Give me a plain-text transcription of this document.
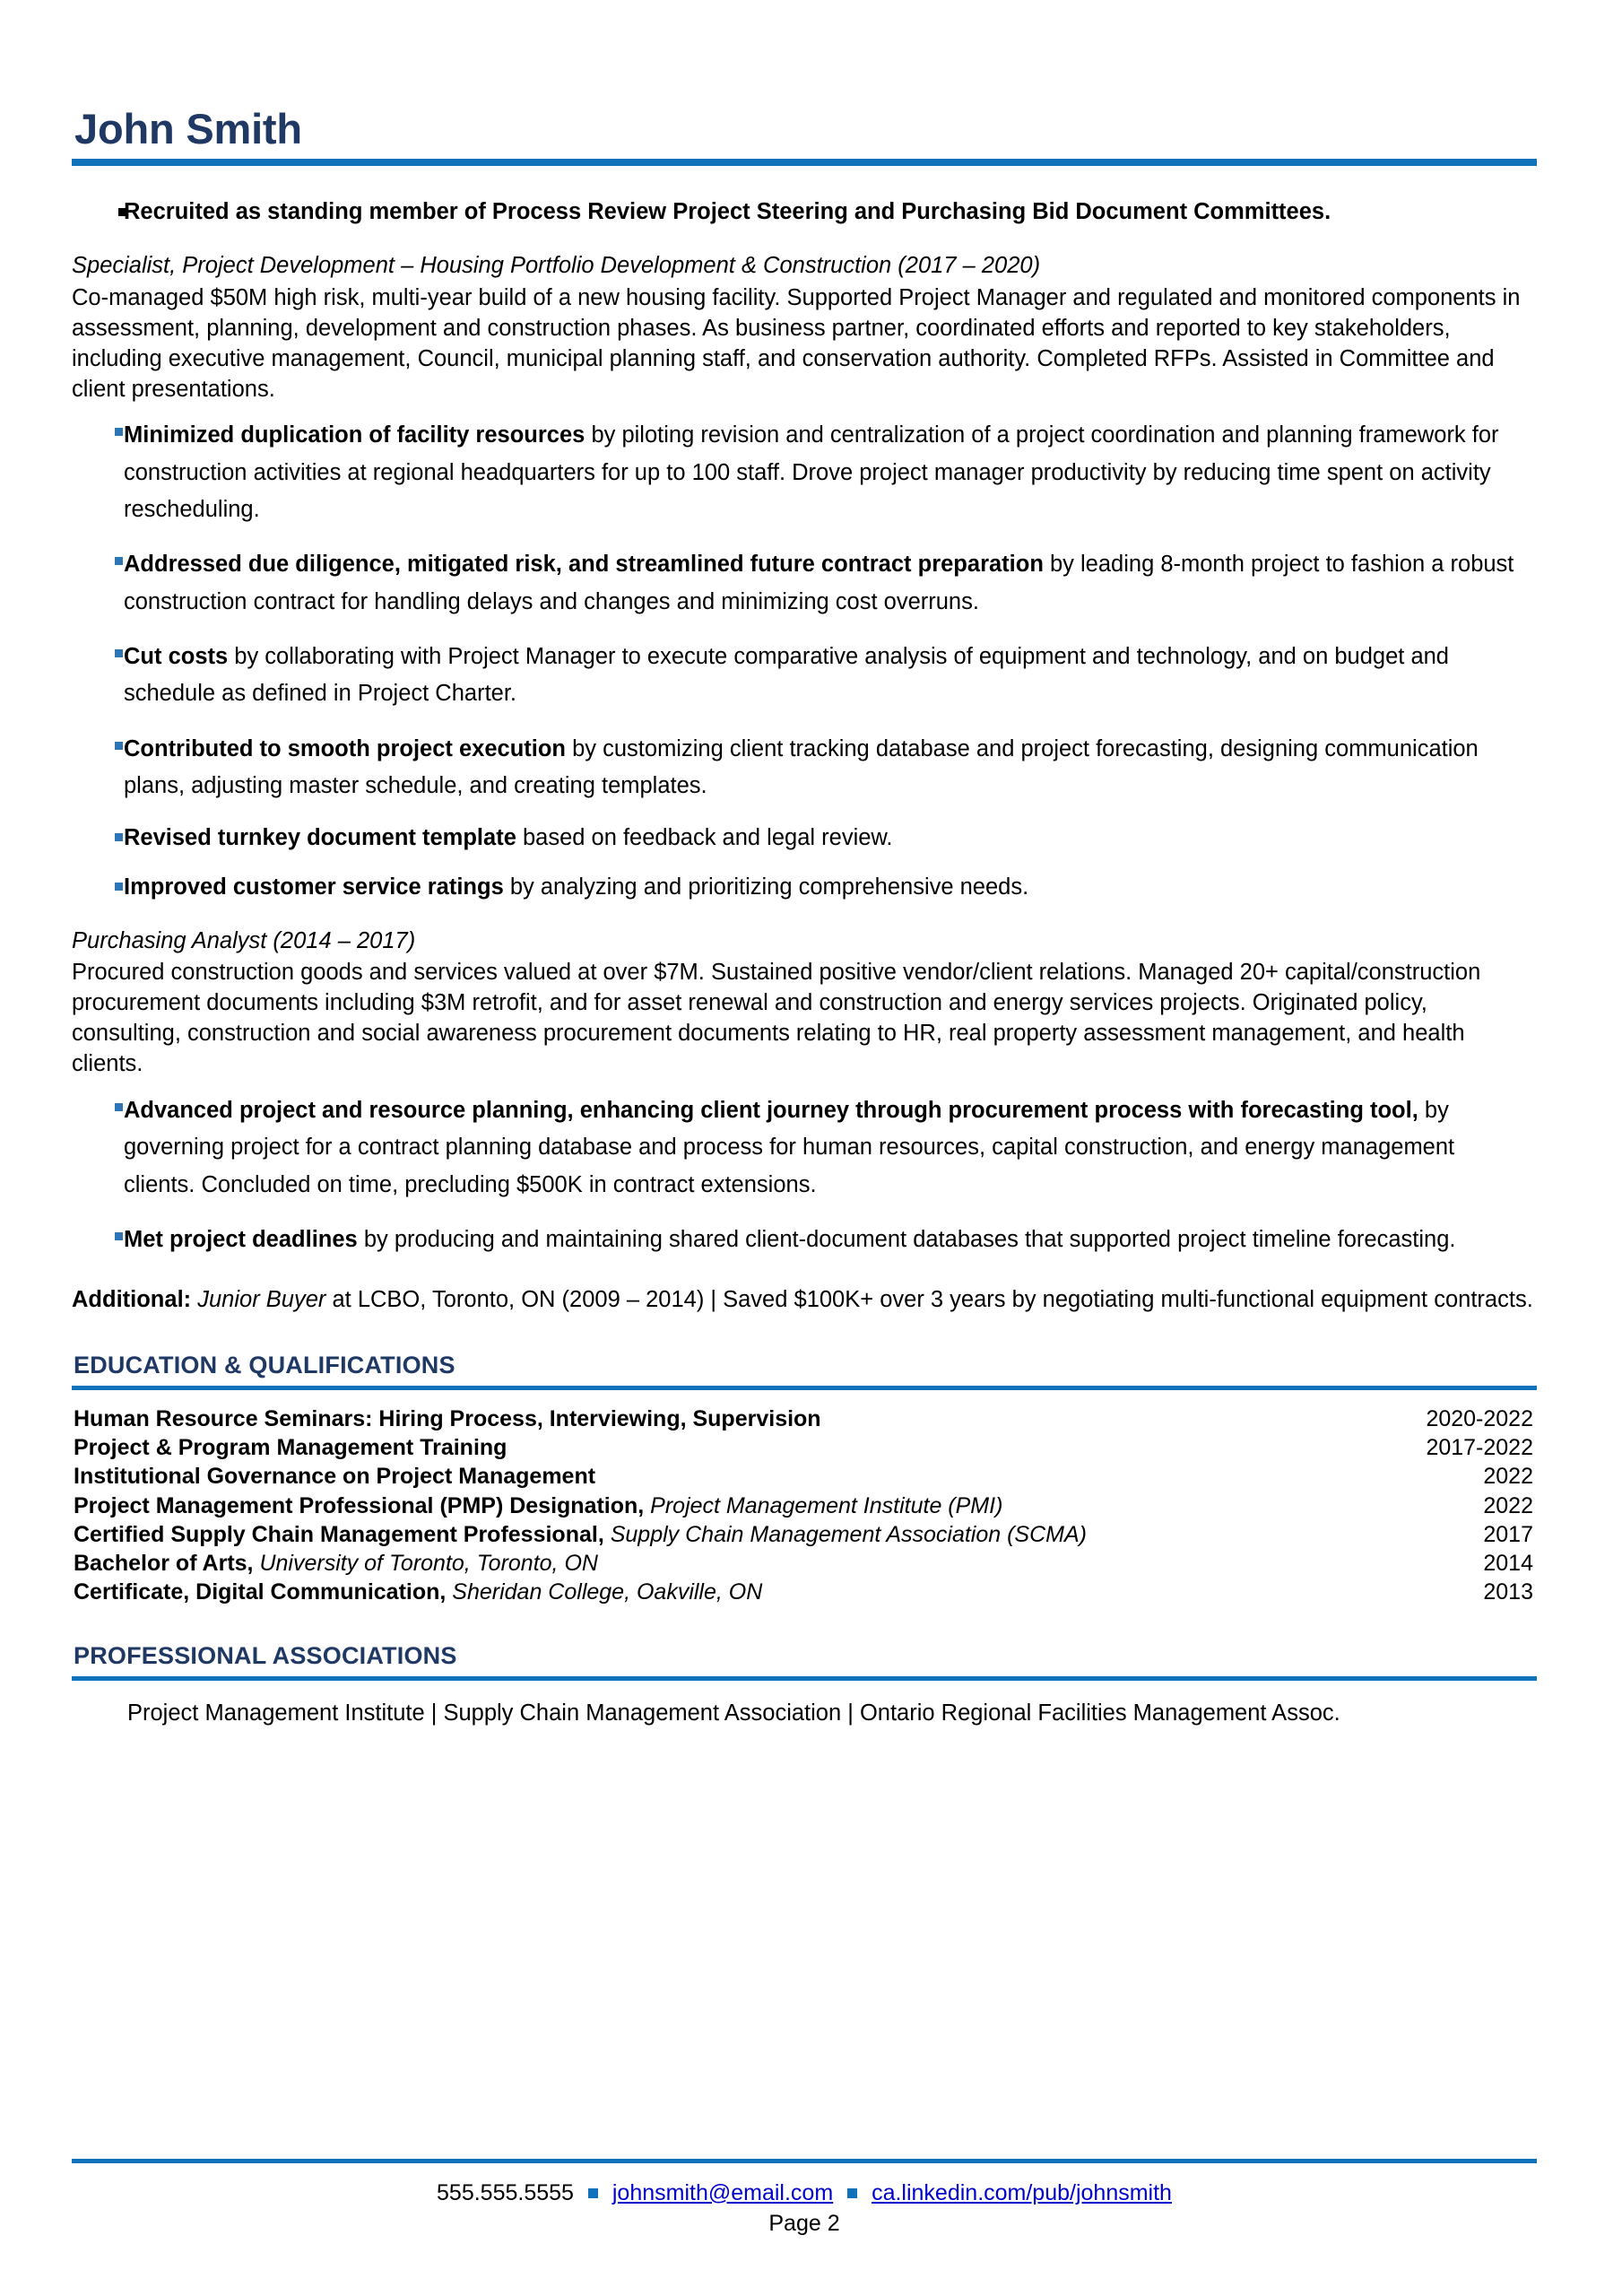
John Smith
Recruited as standing member of Process Review Project Steering and Purchasing Bid Document Committees.
Specialist, Project Development – Housing Portfolio Development & Construction (2017 – 2020)
Co-managed $50M high risk, multi-year build of a new housing facility. Supported Project Manager and regulated and monitored components in assessment, planning, development and construction phases. As business partner, coordinated efforts and reported to key stakeholders, including executive management, Council, municipal planning staff, and conservation authority. Completed RFPs. Assisted in Committee and client presentations.
Minimized duplication of facility resources by piloting revision and centralization of a project coordination and planning framework for construction activities at regional headquarters for up to 100 staff. Drove project manager productivity by reducing time spent on activity rescheduling.
Addressed due diligence, mitigated risk, and streamlined future contract preparation by leading 8-month project to fashion a robust construction contract for handling delays and changes and minimizing cost overruns.
Cut costs by collaborating with Project Manager to execute comparative analysis of equipment and technology, and on budget and schedule as defined in Project Charter.
Contributed to smooth project execution by customizing client tracking database and project forecasting, designing communication plans, adjusting master schedule, and creating templates.
Revised turnkey document template based on feedback and legal review.
Improved customer service ratings by analyzing and prioritizing comprehensive needs.
Purchasing Analyst (2014 – 2017)
Procured construction goods and services valued at over $7M. Sustained positive vendor/client relations. Managed 20+ capital/construction procurement documents including $3M retrofit, and for asset renewal and construction and energy services projects. Originated policy, consulting, construction and social awareness procurement documents relating to HR, real property assessment management, and health clients.
Advanced project and resource planning, enhancing client journey through procurement process with forecasting tool, by governing project for a contract planning database and process for human resources, capital construction, and energy management clients. Concluded on time, precluding $500K in contract extensions.
Met project deadlines by producing and maintaining shared client-document databases that supported project timeline forecasting.
Additional: Junior Buyer at LCBO, Toronto, ON (2009 – 2014) | Saved $100K+ over 3 years by negotiating multi-functional equipment contracts.
EDUCATION & QUALIFICATIONS
Human Resource Seminars: Hiring Process, Interviewing, Supervision	2020-2022
Project & Program Management Training	2017-2022
Institutional Governance on Project Management	2022
Project Management Professional (PMP) Designation, Project Management Institute (PMI)	2022
Certified Supply Chain Management Professional, Supply Chain Management Association (SCMA)	2017
Bachelor of Arts, University of Toronto, Toronto, ON	2014
Certificate, Digital Communication, Sheridan College, Oakville, ON	2013
PROFESSIONAL ASSOCIATIONS
Project Management Institute | Supply Chain Management Association | Ontario Regional Facilities Management Assoc.
555.555.5555 johnsmith@email.com ca.linkedin.com/pub/johnsmith
Page 2
